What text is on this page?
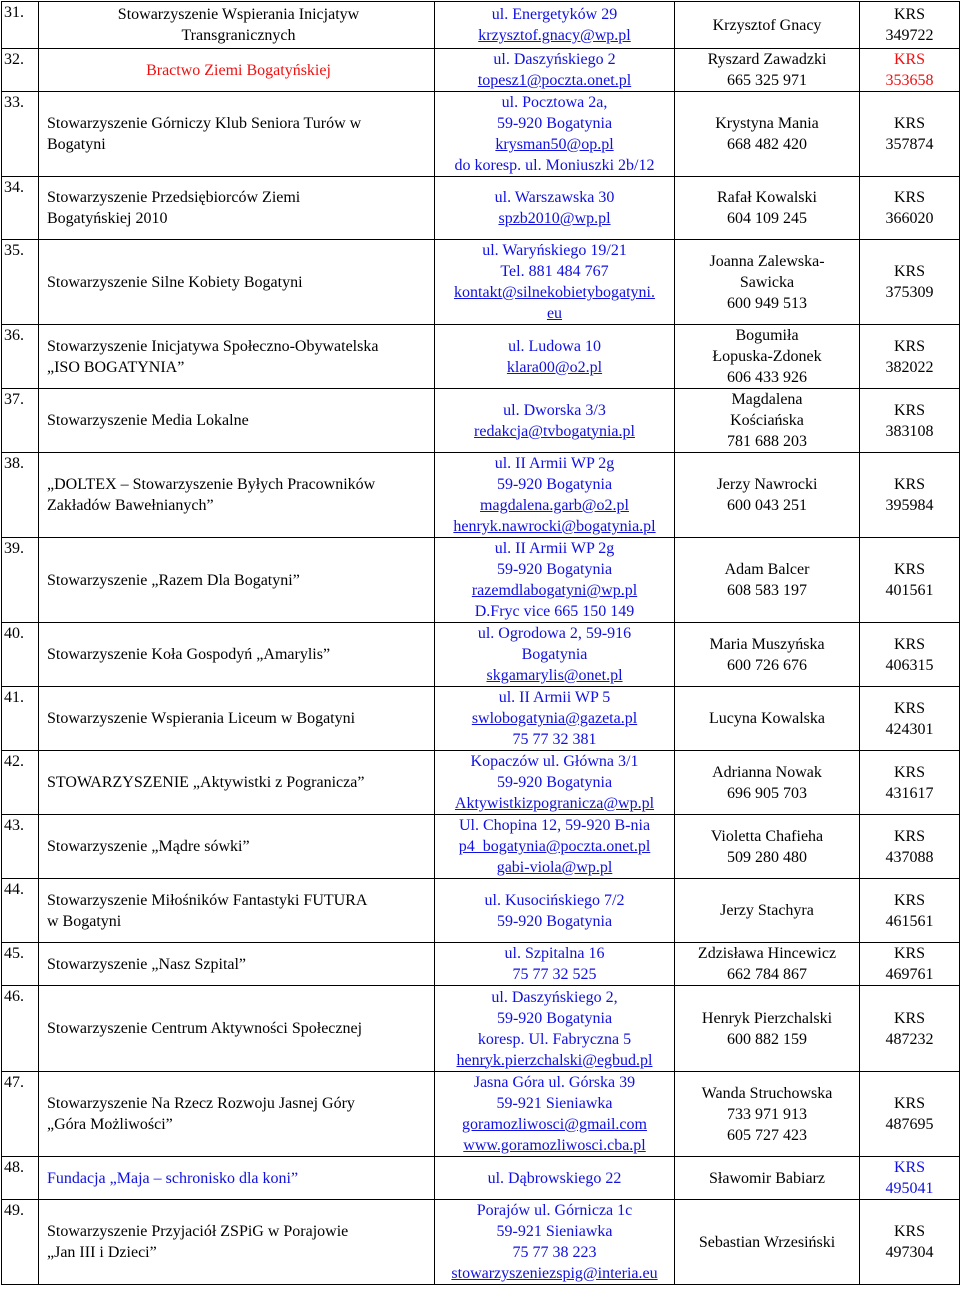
31.	Stowarzyszenie Wspierania Inicjatyw
Transgranicznych	ul. Energetyków 29
krzysztof.gnacy@wp.pl	Krzysztof Gnacy	KRS
349722

32.	Bractwo Ziemi Bogatyńskiej	ul. Daszyńskiego 2
topesz1@poczta.onet.pl	Ryszard Zawadzki
665 325 971	KRS
353658

33.	Stowarzyszenie Górniczy Klub Seniora Turów w
Bogatyni	ul. Pocztowa 2a,
59-920 Bogatynia
krysman50@op.pl
do koresp. ul. Moniuszki 2b/12	Krystyna Mania
668 482 420	KRS
357874

34.	Stowarzyszenie Przedsiębiorców Ziemi
Bogatyńskiej 2010	ul. Warszawska 30
spzb2010@wp.pl	Rafał Kowalski
604 109 245	KRS
366020

35.	Stowarzyszenie Silne Kobiety Bogatyni	ul. Waryńskiego 19/21
Tel. 881 484 767
kontakt@silnekobietybogatyni.
eu	Joanna Zalewska-
Sawicka
600 949 513	KRS
375309

36.	Stowarzyszenie Inicjatywa Społeczno-Obywatelska
„ISO BOGATYNIA”	ul. Ludowa 10
klara00@o2.pl	Bogumiła
Łopuska-Zdonek
606 433 926	KRS
382022

37.	Stowarzyszenie Media Lokalne	ul. Dworska 3/3
redakcja@tvbogatynia.pl	Magdalena
Kościańska
781 688 203	KRS
383108

38.	„DOLTEX – Stowarzyszenie Byłych Pracowników
Zakładów Bawełnianych”	ul. II Armii WP 2g
59-920 Bogatynia
magdalena.garb@o2.pl
henryk.nawrocki@bogatynia.pl	Jerzy Nawrocki
600 043 251	KRS
395984

39.	Stowarzyszenie „Razem Dla Bogatyni”	ul. II Armii WP 2g
59-920 Bogatynia
razemdlabogatyni@wp.pl
D.Fryc vice 665 150 149	Adam Balcer
608 583 197	KRS
401561

40.	Stowarzyszenie Koła Gospodyń „Amarylis”	ul. Ogrodowa 2, 59-916
Bogatynia
skgamarylis@onet.pl	Maria Muszyńska
600 726 676	KRS
406315

41.	Stowarzyszenie Wspierania Liceum w Bogatyni	ul. II Armii WP 5
swlobogatynia@gazeta.pl
75 77 32 381	Lucyna Kowalska	KRS
424301

42.	STOWARZYSZENIE „Aktywistki z Pogranicza”	Kopaczów ul. Główna 3/1
59-920 Bogatynia
Aktywistkizpogranicza@wp.pl	Adrianna Nowak
696 905 703	KRS
431617

43.	Stowarzyszenie „Mądre sówki”	Ul. Chopina 12, 59-920 B-nia
p4_bogatynia@poczta.onet.pl
gabi-viola@wp.pl	Violetta Chafieha
509 280 480	KRS
437088

44.	Stowarzyszenie Miłośników Fantastyki FUTURA
w Bogatyni	ul. Kusocińskiego 7/2
59-920 Bogatynia	Jerzy Stachyra	KRS
461561

45.	Stowarzyszenie „Nasz Szpital”	ul. Szpitalna 16
75 77 32 525	Zdzisława Hincewicz
662 784 867	KRS
469761

46.	Stowarzyszenie Centrum Aktywności Społecznej	ul. Daszyńskiego 2,
59-920 Bogatynia
koresp. Ul. Fabryczna 5
henryk.pierzchalski@egbud.pl	Henryk Pierzchalski
600 882 159	KRS
487232

47.	Stowarzyszenie Na Rzecz Rozwoju Jasnej Góry
„Góra Możliwości”	Jasna Góra ul. Górska 39
59-921 Sieniawka
goramozliwosci@gmail.com
www.goramozliwosci.cba.pl	Wanda Struchowska
733 971 913
605 727 423	KRS
487695

48.	Fundacja „Maja – schronisko dla koni”	ul. Dąbrowskiego 22	Sławomir Babiarz	KRS
495041

49.	Stowarzyszenie Przyjaciół ZSPiG w Porajowie
„Jan III i Dzieci”	Porajów ul. Górnicza 1c
59-921 Sieniawka
75 77 38 223
stowarzyszeniezspig@interia.eu	Sebastian Wrzesiński	KRS
497304
